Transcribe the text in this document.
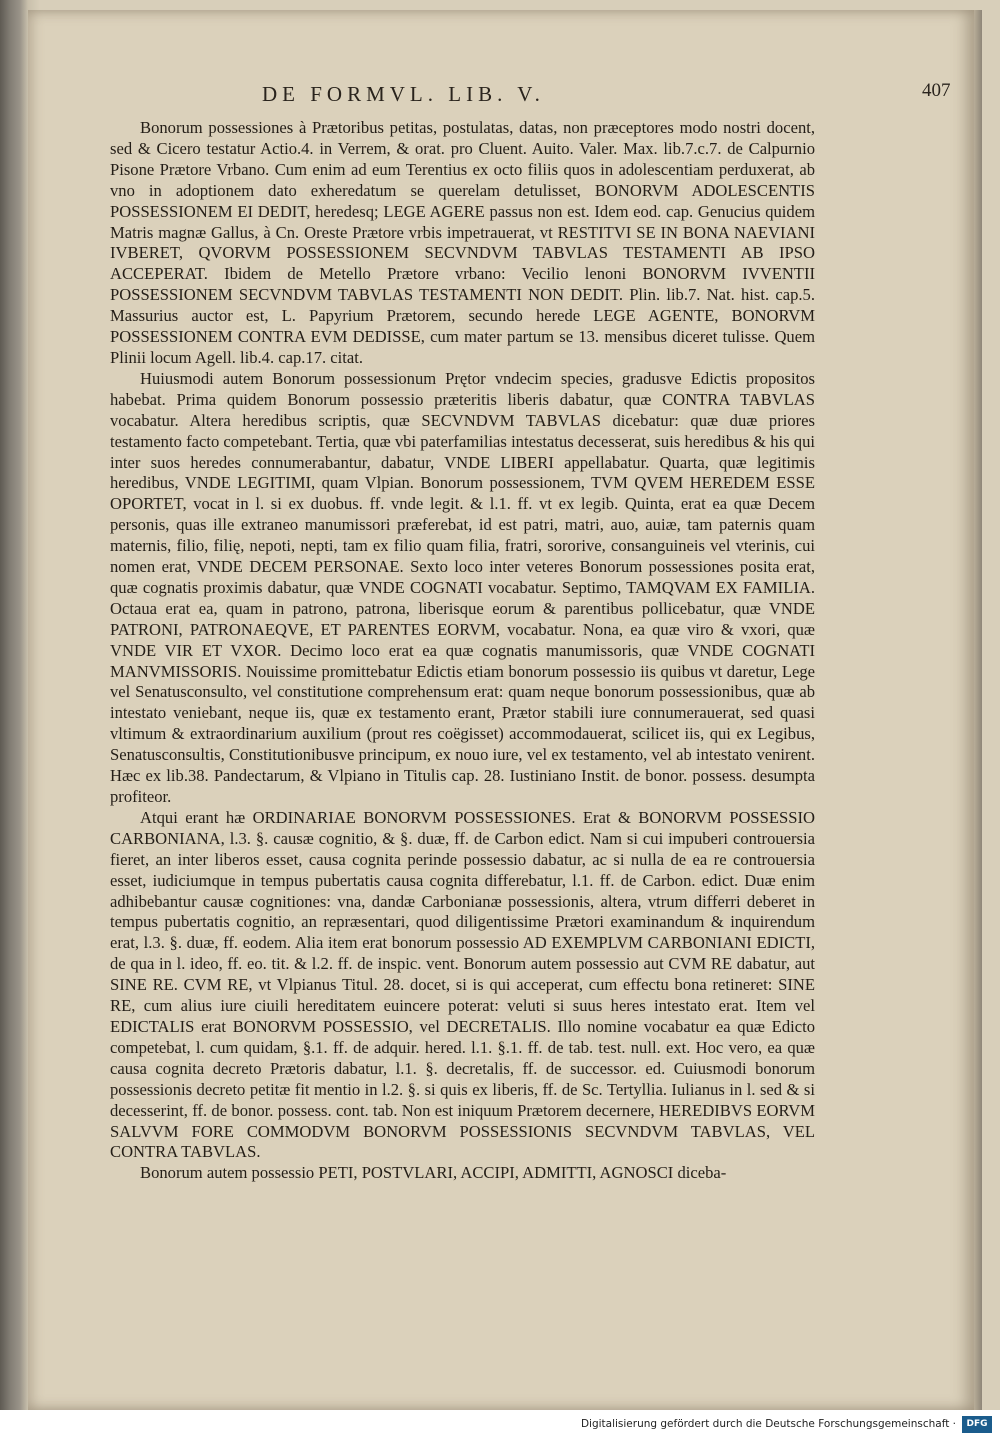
DE FORMVL. LIB. V.	407

Bonorum possessiones à Prætoribus petitas, postulatas, datas, non præceptores modo nostri docent, sed & Cicero testatur Actio.4. in Verrem, & orat. pro Cluent. Auito. Valer. Max. lib.7.c.7. de Calpurnio Pisone Prætore Vrbano. Cum enim ad eum Terentius ex octo filiis quos in adolescentiam perduxerat, ab vno in adoptionem dato exheredatum se querelam detulisset, BONORVM ADOLESCENTIS POSSESSIONEM EI DEDIT, heredesq; LEGE AGERE passus non est. Idem eod. cap. Genucius quidem Matris magnæ Gallus, à Cn. Oreste Prætore vrbis impetrauerat, vt RESTITVI SE IN BONA NAEVIANI IVBERET, QVORVM POSSESSIONEM SECVNDVM TABVLAS TESTAMENTI AB IPSO ACCEPERAT. Ibidem de Metello Prætore vrbano: Vecilio lenoni BONORVM IVVENTII POSSESSIONEM SECVNDVM TABVLAS TESTAMENTI NON DEDIT. Plin. lib.7. Nat. hist. cap.5. Massurius auctor est, L. Papyrium Prætorem, secundo herede LEGE AGENTE, BONORVM POSSESSIONEM CONTRA EVM DEDISSE, cum mater partum se 13. mensibus diceret tulisse. Quem Plinii locum Agell. lib.4. cap.17. citat.

Huiusmodi autem Bonorum possessionum Prętor vndecim species, gradusve Edictis propositos habebat. Prima quidem Bonorum possessio præteritis liberis dabatur, quæ CONTRA TABVLAS vocabatur. Altera heredibus scriptis, quæ SECVNDVM TABVLAS dicebatur: quæ duæ priores testamento facto competebant. Tertia, quæ vbi paterfamilias intestatus decesserat, suis heredibus & his qui inter suos heredes connumerabantur, dabatur, VNDE LIBERI appellabatur. Quarta, quæ legitimis heredibus, VNDE LEGITIMI, quam Vlpian. Bonorum possessionem, TVM QVEM HEREDEM ESSE OPORTET, vocat in l. si ex duobus. ff. vnde legit. & l.1. ff. vt ex legib. Quinta, erat ea quæ Decem personis, quas ille extraneo manumissori præferebat, id est patri, matri, auo, auiæ, tam paternis quam maternis, filio, filię, nepoti, nepti, tam ex filio quam filia, fratri, sororive, consanguineis vel vterinis, cui nomen erat, VNDE DECEM PERSONAE. Sexto loco inter veteres Bonorum possessiones posita erat, quæ cognatis proximis dabatur, quæ VNDE COGNATI vocabatur. Septimo, TAMQVAM EX FAMILIA. Octaua erat ea, quam in patrono, patrona, liberisque eorum & parentibus pollicebatur, quæ VNDE PATRONI, PATRONAEQVE, ET PARENTES EORVM, vocabatur. Nona, ea quæ viro & vxori, quæ VNDE VIR ET VXOR. Decimo loco erat ea quæ cognatis manumissoris, quæ VNDE COGNATI MANVMISSORIS. Nouissime promittebatur Edictis etiam bonorum possessio iis quibus vt daretur, Lege vel Senatusconsulto, vel constitutione comprehensum erat: quam neque bonorum possessionibus, quæ ab intestato veniebant, neque iis, quæ ex testamento erant, Prætor stabili iure connumerauerat, sed quasi vltimum & extraordinarium auxilium (prout res coëgisset) accommodauerat, scilicet iis, qui ex Legibus, Senatusconsultis, Constitutionibusve principum, ex nouo iure, vel ex testamento, vel ab intestato venirent. Hæc ex lib.38. Pandectarum, & Vlpiano in Titulis cap. 28. Iustiniano Instit. de bonor. possess. desumpta profiteor.

Atqui erant hæ ORDINARIAE BONORVM POSSESSIONES. Erat & BONORVM POSSESSIO CARBONIANA, l.3. §. causæ cognitio, & §. duæ, ff. de Carbon edict. Nam si cui impuberi controuersia fieret, an inter liberos esset, causa cognita perinde possessio dabatur, ac si nulla de ea re controuersia esset, iudiciumque in tempus pubertatis causa cognita differebatur, l.1. ff. de Carbon. edict. Duæ enim adhibebantur causæ cognitiones: vna, dandæ Carbonianæ possessionis, altera, vtrum differri deberet in tempus pubertatis cognitio, an repræsentari, quod diligentissime Prætori examinandum & inquirendum erat, l.3. §. duæ, ff. eodem. Alia item erat bonorum possessio AD EXEMPLVM CARBONIANI EDICTI, de qua in l. ideo, ff. eo. tit. & l.2. ff. de inspic. vent. Bonorum autem possessio aut CVM RE dabatur, aut SINE RE. CVM RE, vt Vlpianus Titul. 28. docet, si is qui acceperat, cum effectu bona retineret: SINE RE, cum alius iure ciuili hereditatem euincere poterat: veluti si suus heres intestato erat. Item vel EDICTALIS erat BONORVM POSSESSIO, vel DECRETALIS. Illo nomine vocabatur ea quæ Edicto competebat, l. cum quidam, §.1. ff. de adquir. hered. l.1. §.1. ff. de tab. test. null. ext. Hoc vero, ea quæ causa cognita decreto Prætoris dabatur, l.1. §. decretalis, ff. de successor. ed. Cuiusmodi bonorum possessionis decreto petitæ fit mentio in l.2. §. si quis ex liberis, ff. de Sc. Tertyllia. Iulianus in l. sed & si decesserint, ff. de bonor. possess. cont. tab. Non est iniquum Prætorem decernere, HEREDIBVS EORVM SALVVM FORE COMMODVM BONORVM POSSESSIONIS SECVNDVM TABVLAS, VEL CONTRA TABVLAS.

Bonorum autem possessio PETI, POSTVLARI, ACCIPI, ADMITTI, AGNOSCI diceba-

Digitalisierung gefördert durch die Deutsche Forschungsgemeinschaft ·	DFG
